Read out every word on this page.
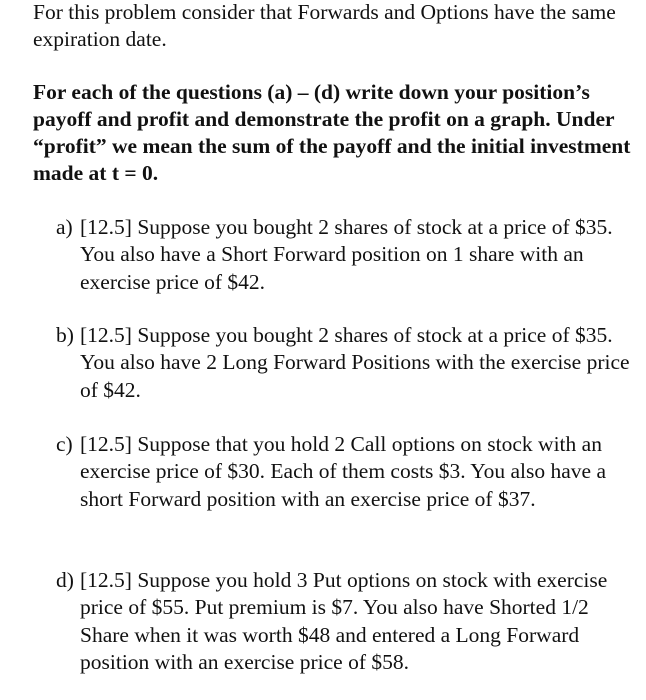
For this problem consider that Forwards and Options have the same expiration date.

For each of the questions (a) – (d) write down your position’s payoff and profit and demonstrate the profit on a graph. Under “profit” we mean the sum of the payoff and the initial investment made at t = 0.

a) [12.5] Suppose you bought 2 shares of stock at a price of $35. You also have a Short Forward position on 1 share with an exercise price of $42.
b) [12.5] Suppose you bought 2 shares of stock at a price of $35. You also have 2 Long Forward Positions with the exercise price of $42.
c) [12.5] Suppose that you hold 2 Call options on stock with an exercise price of $30. Each of them costs $3. You also have a short Forward position with an exercise price of $37.
d) [12.5] Suppose you hold 3 Put options on stock with exercise price of $55. Put premium is $7. You also have Shorted 1/2 Share when it was worth $48 and entered a Long Forward position with an exercise price of $58.
